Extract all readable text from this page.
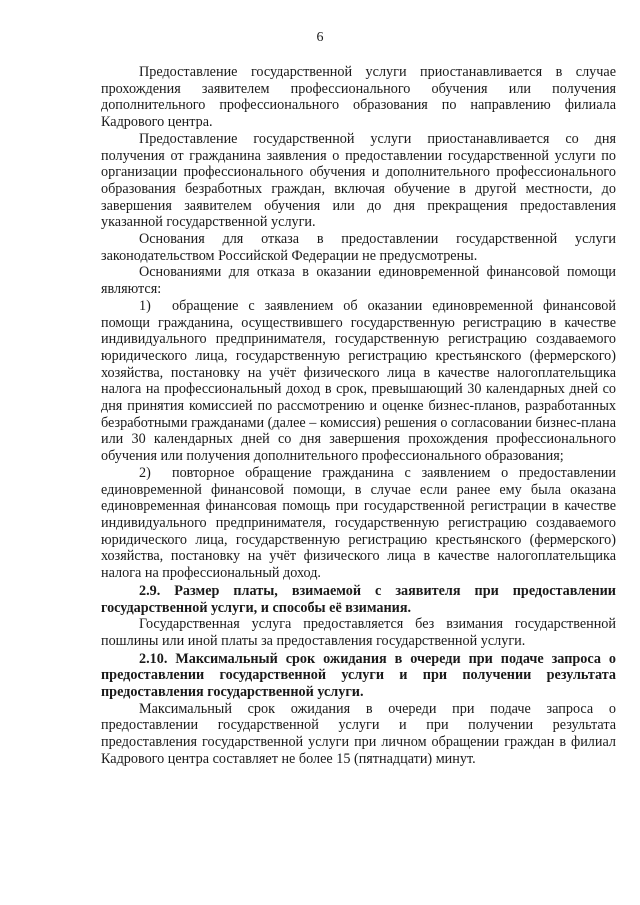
6

Предоставление государственной услуги приостанавливается в случае прохождения заявителем профессионального обучения или получения дополнительного профессионального образования по направлению филиала Кадрового центра.

Предоставление государственной услуги приостанавливается со дня получения от гражданина заявления о предоставлении государственной услуги по организации профессионального обучения и дополнительного профессионального образования безработных граждан, включая обучение в другой местности, до завершения заявителем обучения или до дня прекращения предоставления указанной государственной услуги.

Основания для отказа в предоставлении государственной услуги законодательством Российской Федерации не предусмотрены.

Основаниями для отказа в оказании единовременной финансовой помощи являются:

1) обращение с заявлением об оказании единовременной финансовой помощи гражданина, осуществившего государственную регистрацию в качестве индивидуального предпринимателя, государственную регистрацию создаваемого юридического лица, государственную регистрацию крестьянского (фермерского) хозяйства, постановку на учёт физического лица в качестве налогоплательщика налога на профессиональный доход в срок, превышающий 30 календарных дней со дня принятия комиссией по рассмотрению и оценке бизнес-планов, разработанных безработными гражданами (далее – комиссия) решения о согласовании бизнес-плана или 30 календарных дней со дня завершения прохождения профессионального обучения или получения дополнительного профессионального образования;

2) повторное обращение гражданина с заявлением о предоставлении единовременной финансовой помощи, в случае если ранее ему была оказана единовременная финансовая помощь при государственной регистрации в качестве индивидуального предпринимателя, государственную регистрацию создаваемого юридического лица, государственную регистрацию крестьянского (фермерского) хозяйства, постановку на учёт физического лица в качестве налогоплательщика налога на профессиональный доход.

2.9. Размер платы, взимаемой с заявителя при предоставлении государственной услуги, и способы её взимания.

Государственная услуга предоставляется без взимания государственной пошлины или иной платы за предоставления государственной услуги.

2.10. Максимальный срок ожидания в очереди при подаче запроса о предоставлении государственной услуги и при получении результата предоставления государственной услуги.

Максимальный срок ожидания в очереди при подаче запроса о предоставлении государственной услуги и при получении результата предоставления государственной услуги при личном обращении граждан в филиал Кадрового центра составляет не более 15 (пятнадцати) минут.
